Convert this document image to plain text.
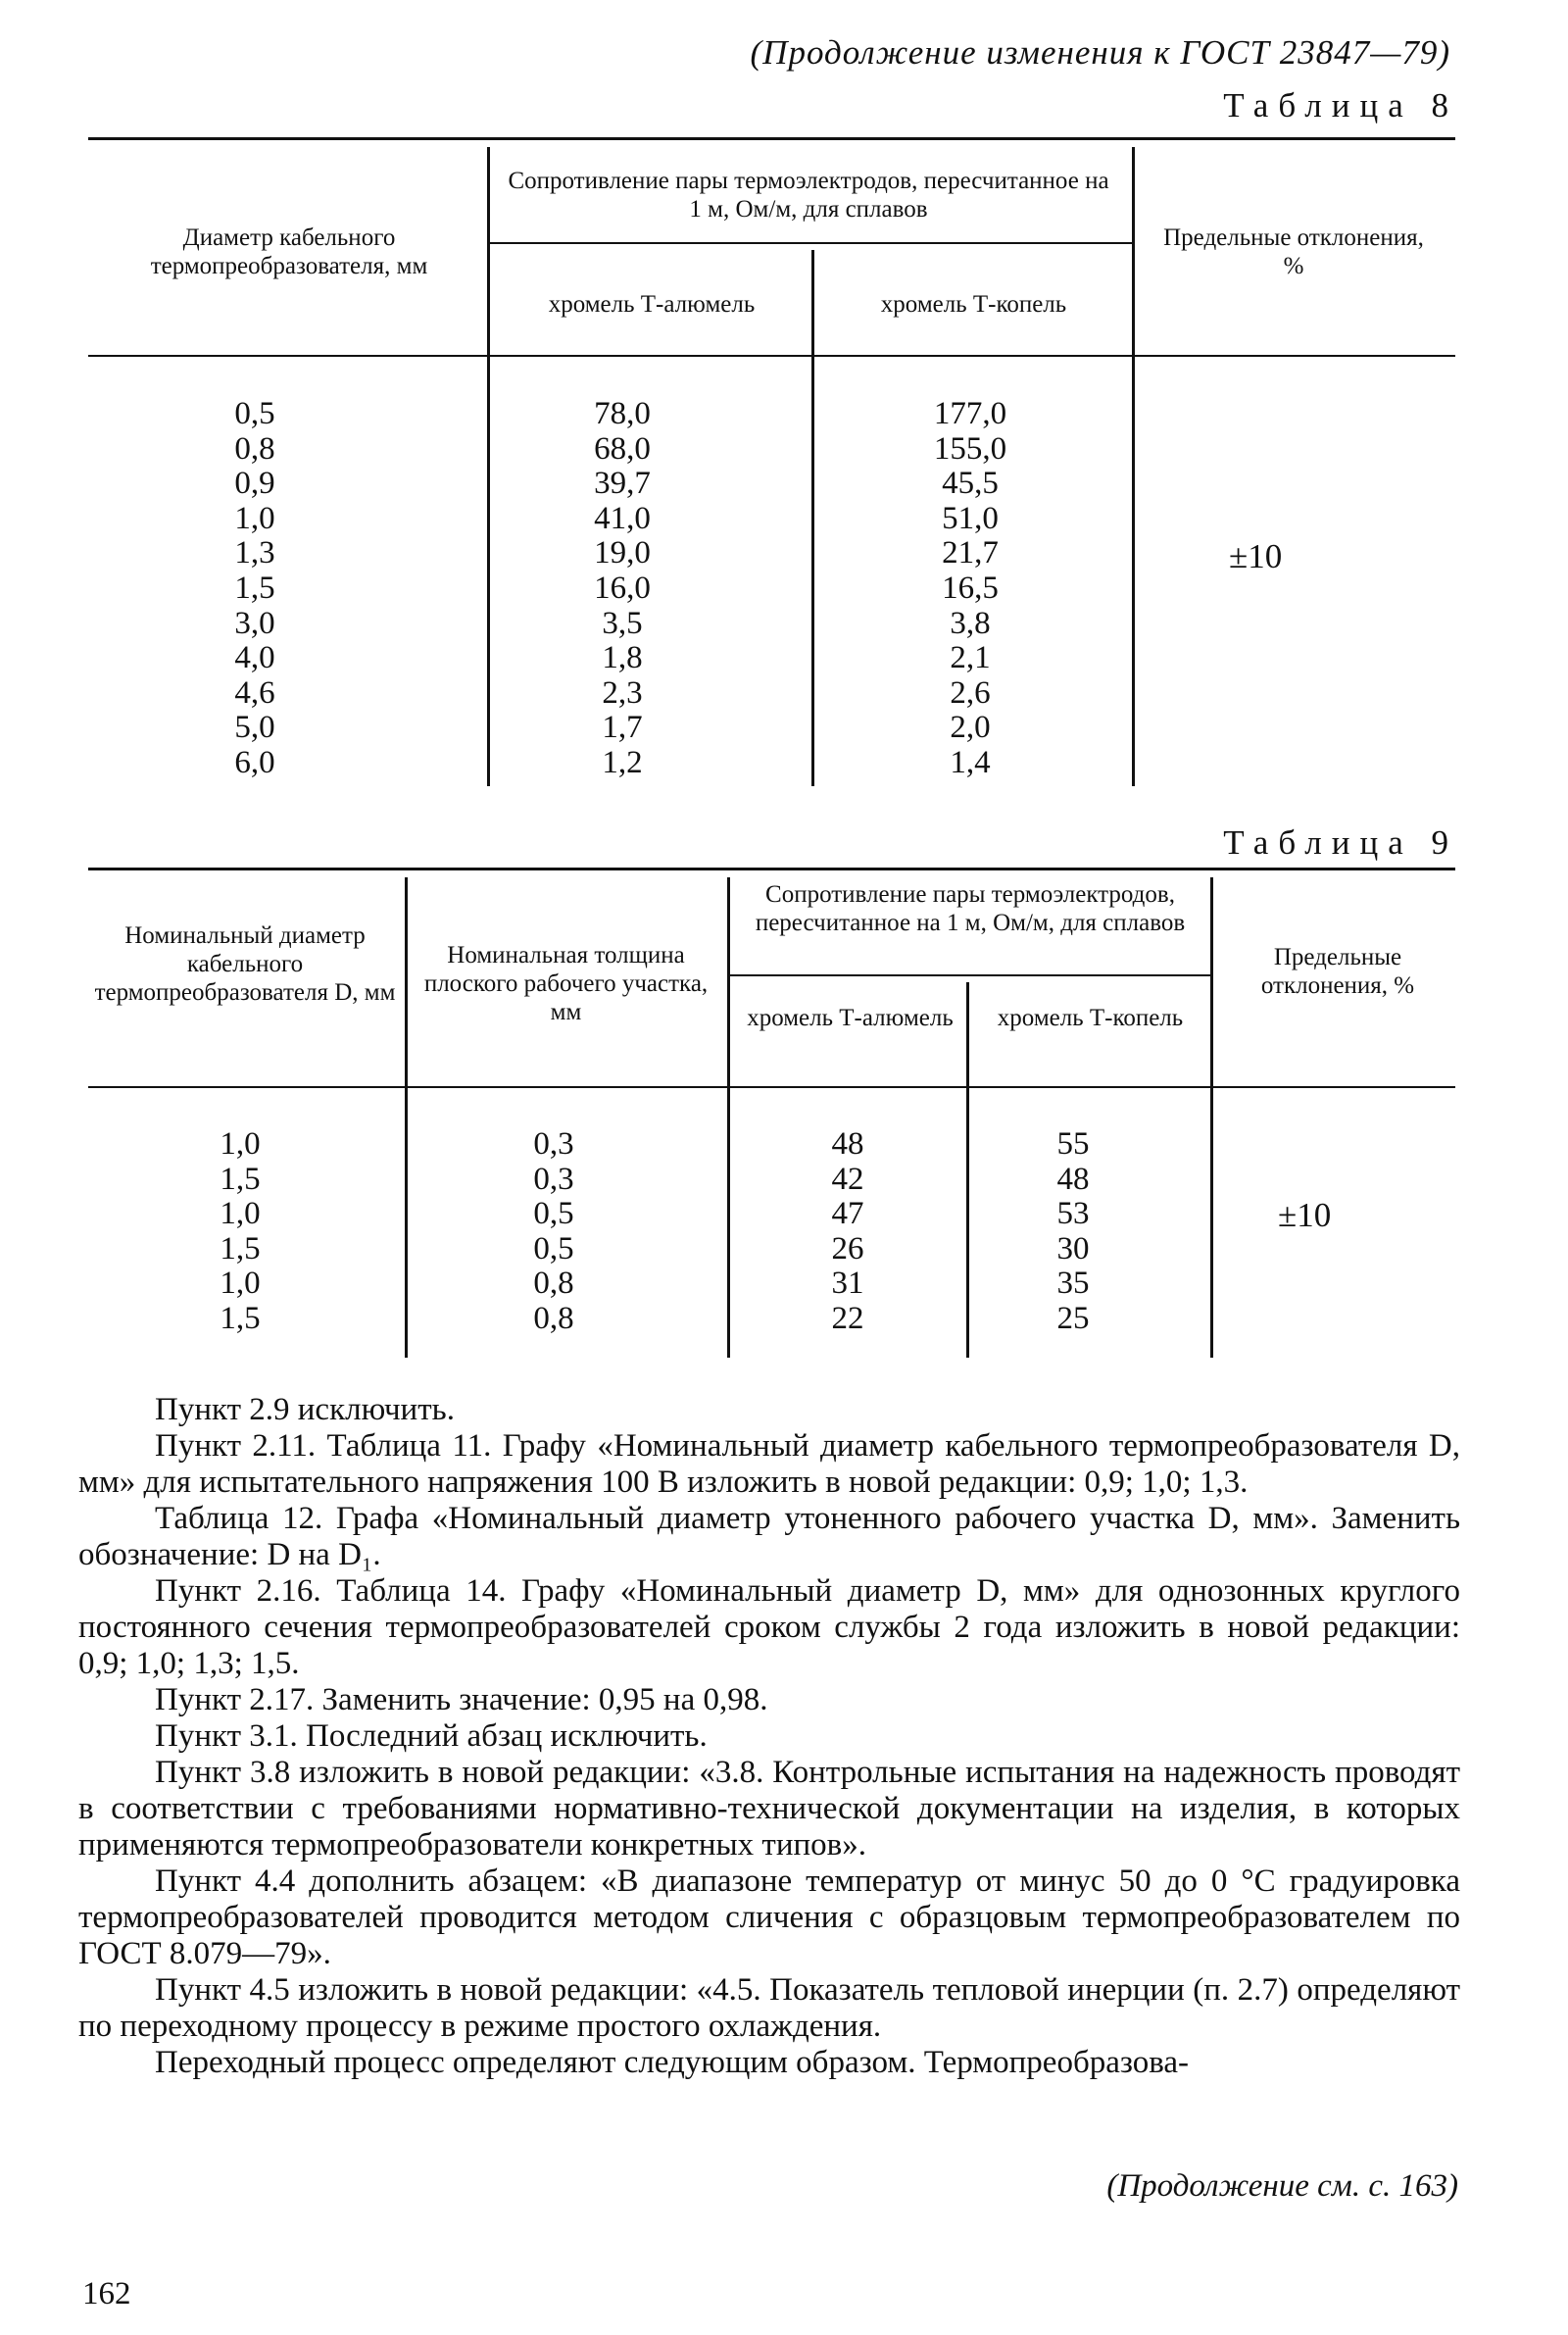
(Продолжение изменения к ГОСТ 23847—79)
Таблица 8
Диаметр кабельного термопреобразователя, мм
Сопротивление пары термоэлектродов, пересчитанное на 1 м, Ом/м, для сплавов
хромель Т-алюмель	хромель Т-копель
Предельные отклонения, %
0,5
0,8
0,9
1,0
1,3
1,5
3,0
4,0
4,6
5,0
6,0
78,0
68,0
39,7
41,0
19,0
16,0
3,5
1,8
2,3
1,7
1,2
177,0
155,0
45,5
51,0
21,7
16,5
3,8
2,1
2,6
2,0
1,4
±10
Таблица 9
Номинальный диаметр кабельного термопреобразователя D, мм
Номинальная толщина плоского рабочего участка, мм
Сопротивление пары термоэлектродов, пересчитанное на 1 м, Ом/м, для сплавов
хромель Т-алюмель	хромель Т-копель
Предельные отклонения, %
1,0
1,5
1,0
1,5
1,0
1,5
0,3
0,3
0,5
0,5
0,8
0,8
48
42
47
26
31
22
55
48
53
30
35
25
±10

Пункт 2.9 исключить.

Пункт 2.11. Таблица 11. Графу «Номинальный диаметр кабельного термопреобразователя D, мм» для испытательного напряжения 100 В изложить в новой редакции: 0,9; 1,0; 1,3.

Таблица 12. Графа «Номинальный диаметр утоненного рабочего участка D, мм». Заменить обозначение: D на D₁.

Пункт 2.16. Таблица 14. Графу «Номинальный диаметр D, мм» для однозонных круглого постоянного сечения термопреобразователей сроком службы 2 года изложить в новой редакции: 0,9; 1,0; 1,3; 1,5.

Пункт 2.17. Заменить значение: 0,95 на 0,98.

Пункт 3.1. Последний абзац исключить.

Пункт 3.8 изложить в новой редакции: «3.8. Контрольные испытания на надежность проводят в соответствии с требованиями нормативно-технической документации на изделия, в которых применяются термопреобразователи конкретных типов».

Пункт 4.4 дополнить абзацем: «В диапазоне температур от минус 50 до 0 °С градуировка термопреобразователей проводится методом сличения с образцовым термопреобразователем по ГОСТ 8.079—79».

Пункт 4.5 изложить в новой редакции: «4.5. Показатель тепловой инерции (п. 2.7) определяют по переходному процессу в режиме простого охлаждения.

Переходный процесс определяют следующим образом. Термопреобразова-

(Продолжение см. с. 163)
162
